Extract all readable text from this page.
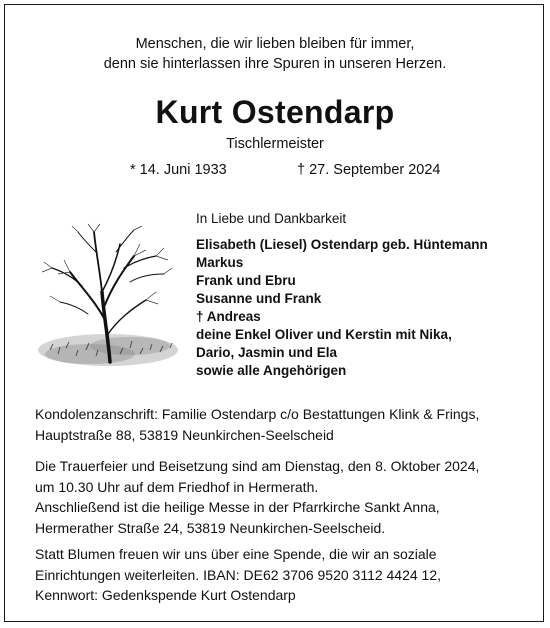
Menschen, die wir lieben bleiben für immer,
denn sie hinterlassen ihre Spuren in unseren Herzen.
Kurt Ostendarp
Tischlermeister
* 14. Juni 1933	† 27. September 2024
In Liebe und Dankbarkeit
Elisabeth (Liesel) Ostendarp geb. Hüntemann
Markus
Frank und Ebru
Susanne und Frank
† Andreas
deine Enkel Oliver und Kerstin mit Nika,
Dario, Jasmin und Ela
sowie alle Angehörigen
Kondolenzanschrift: Familie Ostendarp c/o Bestattungen Klink & Frings,
Hauptstraße 88, 53819 Neunkirchen-Seelscheid
Die Trauerfeier und Beisetzung sind am Dienstag, den 8. Oktober 2024,
um 10.30 Uhr auf dem Friedhof in Hermerath.
Anschließend ist die heilige Messe in der Pfarrkirche Sankt Anna,
Hermerather Straße 24, 53819 Neunkirchen-Seelscheid.
Statt Blumen freuen wir uns über eine Spende, die wir an soziale
Einrichtungen weiterleiten. IBAN: DE62 3706 9520 3112 4424 12,
Kennwort: Gedenkspende Kurt Ostendarp
